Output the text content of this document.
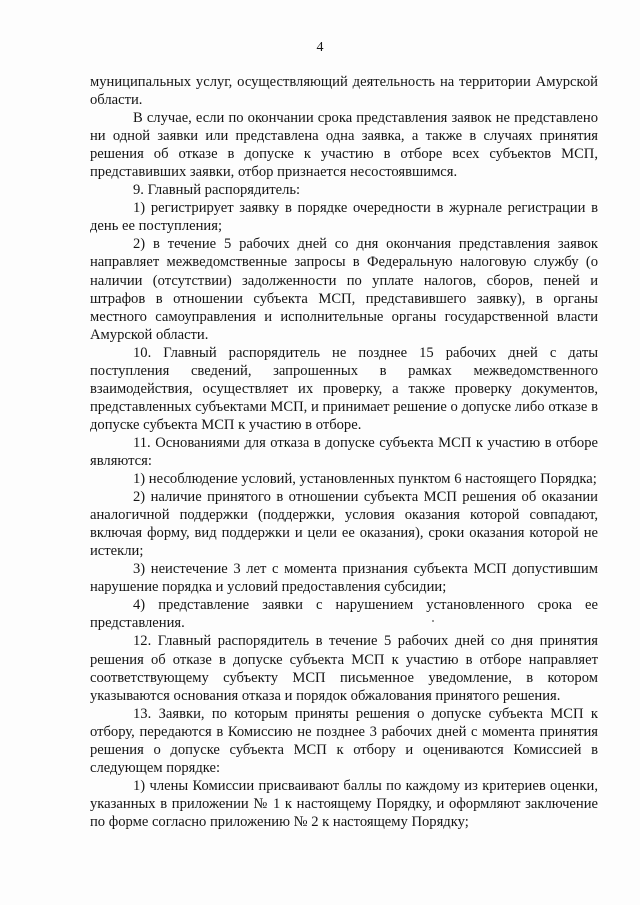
4

муниципальных услуг, осуществляющий деятельность на территории Амурской области.

В случае, если по окончании срока представления заявок не представлено ни одной заявки или представлена одна заявка, а также в случаях принятия решения об отказе в допуске к участию в отборе всех субъектов МСП, представивших заявки, отбор признается несостоявшимся.

9. Главный распорядитель:

1) регистрирует заявку в порядке очередности в журнале регистрации в день ее поступления;

2) в течение 5 рабочих дней со дня окончания представления заявок направляет межведомственные запросы в Федеральную налоговую службу (о наличии (отсутствии) задолженности по уплате налогов, сборов, пеней и штрафов в отношении субъекта МСП, представившего заявку), в органы местного самоуправления и исполнительные органы государственной власти Амурской области.

10. Главный распорядитель не позднее 15 рабочих дней с даты поступления сведений, запрошенных в рамках межведомственного взаимодействия, осуществляет их проверку, а также проверку документов, представленных субъектами МСП, и принимает решение о допуске либо отказе в допуске субъекта МСП к участию в отборе.

11. Основаниями для отказа в допуске субъекта МСП к участию в отборе являются:

1) несоблюдение условий, установленных пунктом 6 настоящего Порядка;

2) наличие принятого в отношении субъекта МСП решения об оказании аналогичной поддержки (поддержки, условия оказания которой совпадают, включая форму, вид поддержки и цели ее оказания), сроки оказания которой не истекли;

3) неистечение 3 лет с момента признания субъекта МСП допустившим нарушение порядка и условий предоставления субсидии;

4) представление заявки с нарушением установленного срока ее представления.

12. Главный распорядитель в течение 5 рабочих дней со дня принятия решения об отказе в допуске субъекта МСП к участию в отборе направляет соответствующему субъекту МСП письменное уведомление, в котором указываются основания отказа и порядок обжалования принятого решения.

13. Заявки, по которым приняты решения о допуске субъекта МСП к отбору, передаются в Комиссию не позднее 3 рабочих дней с момента принятия решения о допуске субъекта МСП к отбору и оцениваются Комиссией в следующем порядке:

1) члены Комиссии присваивают баллы по каждому из критериев оценки, указанных в приложении № 1 к настоящему Порядку, и оформляют заключение по форме согласно приложению № 2 к настоящему Порядку;
